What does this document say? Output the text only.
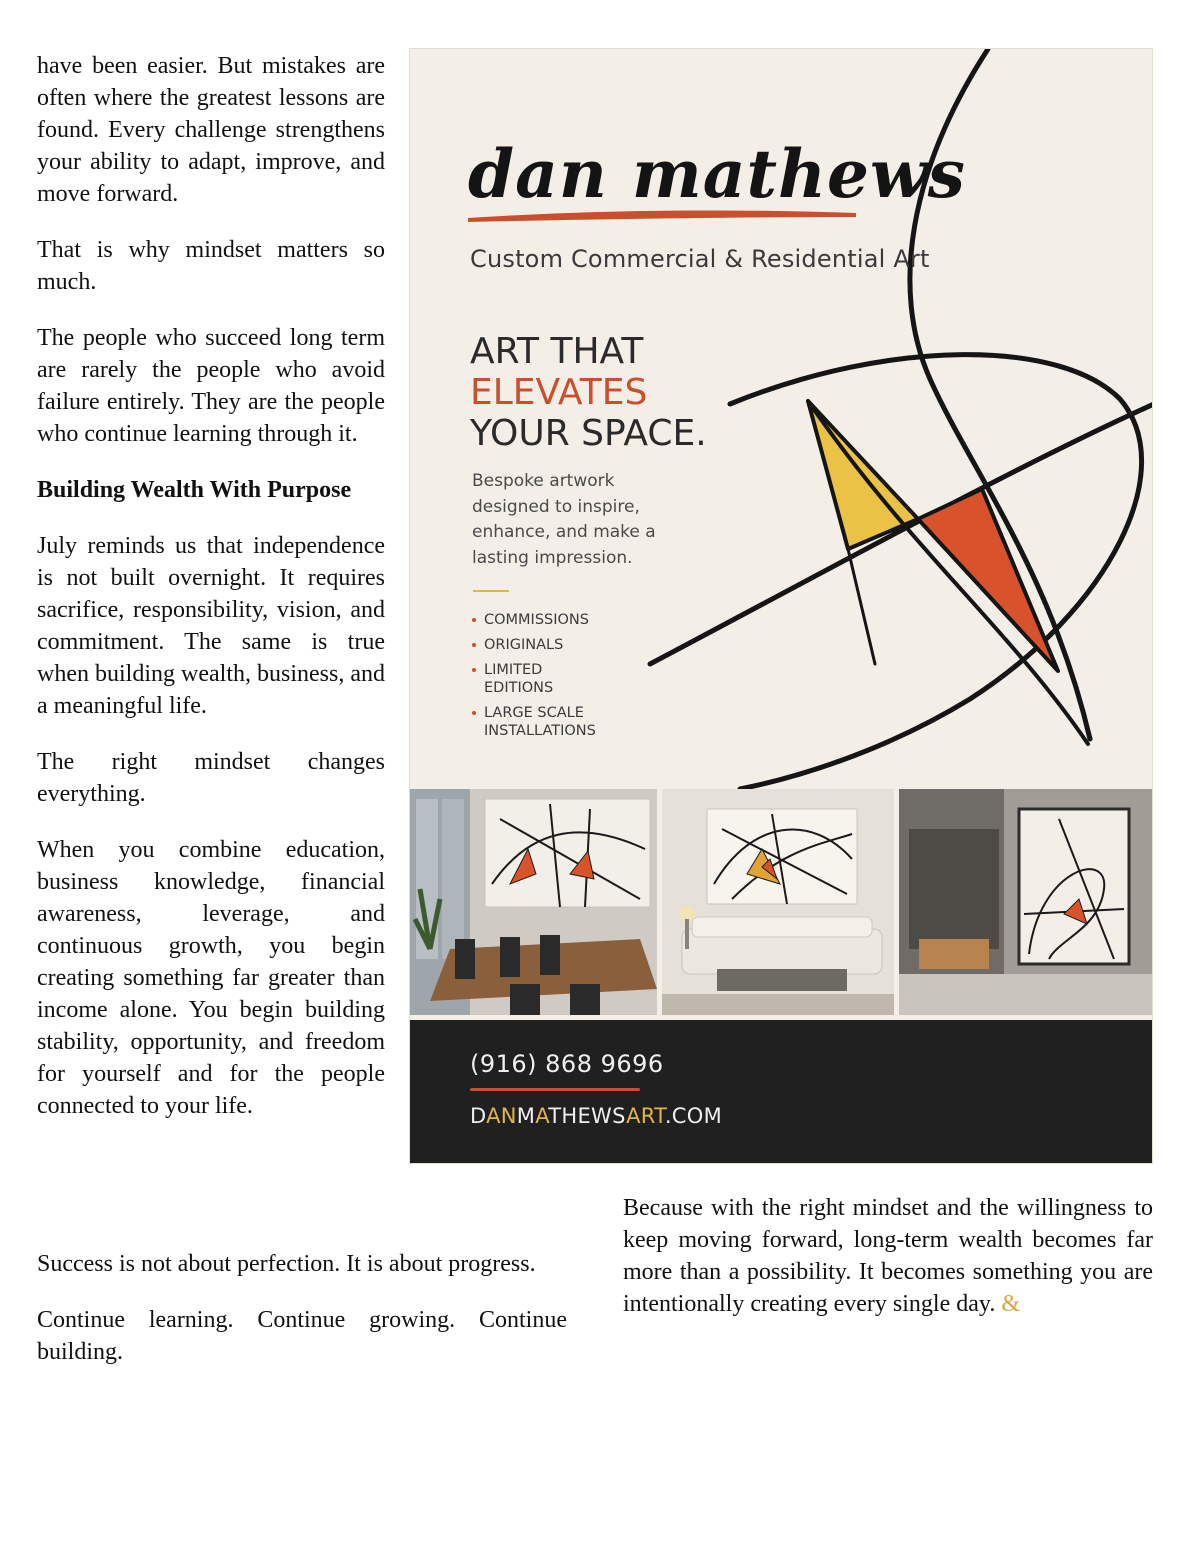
have been easier. But mistakes are often where the greatest lessons are found. Every challenge strengthens your ability to adapt, improve, and move forward.

That is why mindset matters so much.

The people who succeed long term are rarely the people who avoid failure entirely. They are the people who continue learning through it.

Building Wealth With Purpose

July reminds us that independence is not built overnight. It requires sacrifice, responsibility, vision, and commitment. The same is true when building wealth, business, and a meaningful life.

The right mindset changes everything.

When you combine education, business knowledge, financial awareness, leverage, and continuous growth, you begin creating something far greater than income alone. You begin building stability, opportunity, and freedom for yourself and for the people connected to your life.

dan mathews
Custom Commercial & Residential Art
ART THAT
ELEVATES
YOUR SPACE.
Bespoke artwork designed to inspire, enhance, and make a lasting impression.
COMMISSIONS
ORIGINALS
LIMITED EDITIONS
LARGE SCALE INSTALLATIONS
(916) 868 9696
DANMATHEWSART.COM

Success is not about perfection. It is about progress.

Continue learning. Continue growing. Continue building.

Because with the right mindset and the willingness to keep moving forward, long-term wealth becomes far more than a possibility. It becomes something you are intentionally creating every single day. &
